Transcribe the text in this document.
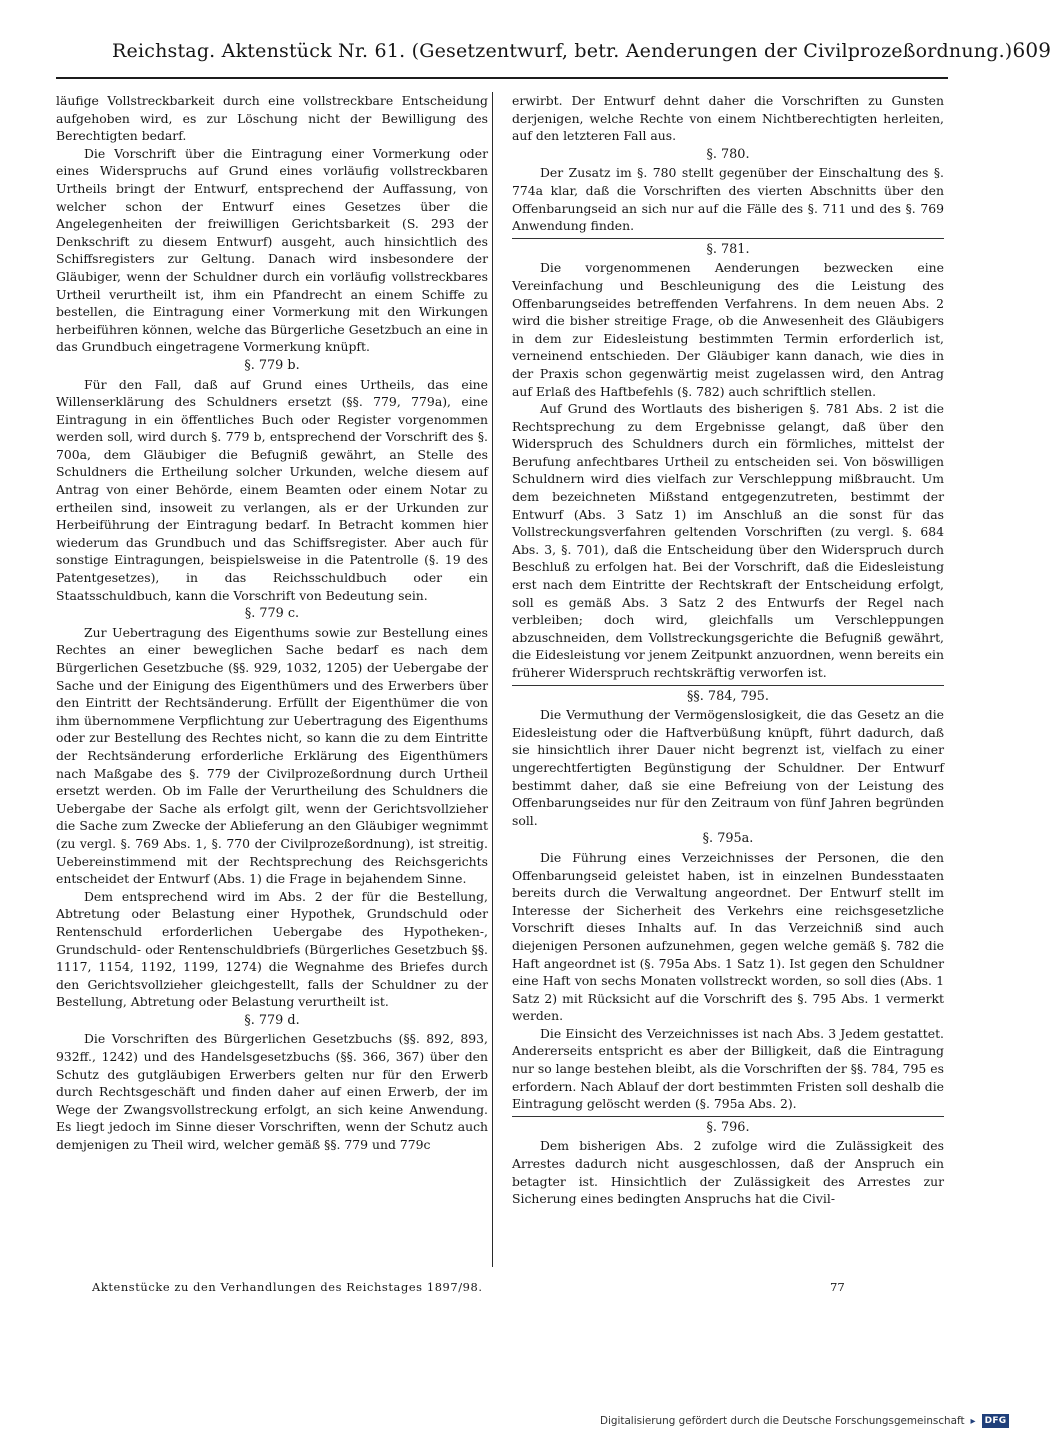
Reichstag. Aktenstück Nr. 61. (Gesetzentwurf, betr. Aenderungen der Civilprozeßordnung.) 609

läufige Vollstreckbarkeit durch eine vollstreckbare Entscheidung aufgehoben wird, es zur Löschung nicht der Bewilligung des Berechtigten bedarf.

Die Vorschrift über die Eintragung einer Vormerkung oder eines Widerspruchs auf Grund eines vorläufig vollstreckbaren Urtheils bringt der Entwurf, entsprechend der Auffassung, von welcher schon der Entwurf eines Gesetzes über die Angelegenheiten der freiwilligen Gerichtsbarkeit (S. 293 der Denkschrift zu diesem Entwurf) ausgeht, auch hinsichtlich des Schiffsregisters zur Geltung. Danach wird insbesondere der Gläubiger, wenn der Schuldner durch ein vorläufig vollstreckbares Urtheil verurtheilt ist, ihm ein Pfandrecht an einem Schiffe zu bestellen, die Eintragung einer Vormerkung mit den Wirkungen herbeiführen können, welche das Bürgerliche Gesetzbuch an eine in das Grundbuch eingetragene Vormerkung knüpft.

§. 779 b.

Für den Fall, daß auf Grund eines Urtheils, das eine Willenserklärung des Schuldners ersetzt (§§. 779, 779a), eine Eintragung in ein öffentliches Buch oder Register vorgenommen werden soll, wird durch §. 779 b, entsprechend der Vorschrift des §. 700a, dem Gläubiger die Befugniß gewährt, an Stelle des Schuldners die Ertheilung solcher Urkunden, welche diesem auf Antrag von einer Behörde, einem Beamten oder einem Notar zu ertheilen sind, insoweit zu verlangen, als er der Urkunden zur Herbeiführung der Eintragung bedarf. In Betracht kommen hier wiederum das Grundbuch und das Schiffsregister. Aber auch für sonstige Eintragungen, beispielsweise in die Patentrolle (§. 19 des Patentgesetzes), in das Reichsschuldbuch oder ein Staatsschuldbuch, kann die Vorschrift von Bedeutung sein.

§. 779 c.

Zur Uebertragung des Eigenthums sowie zur Bestellung eines Rechtes an einer beweglichen Sache bedarf es nach dem Bürgerlichen Gesetzbuche (§§. 929, 1032, 1205) der Uebergabe der Sache und der Einigung des Eigenthümers und des Erwerbers über den Eintritt der Rechtsänderung. Erfüllt der Eigenthümer die von ihm übernommene Verpflichtung zur Uebertragung des Eigenthums oder zur Bestellung des Rechtes nicht, so kann die zu dem Eintritte der Rechtsänderung erforderliche Erklärung des Eigenthümers nach Maßgabe des §. 779 der Civilprozeßordnung durch Urtheil ersetzt werden. Ob im Falle der Verurtheilung des Schuldners die Uebergabe der Sache als erfolgt gilt, wenn der Gerichtsvollzieher die Sache zum Zwecke der Ablieferung an den Gläubiger wegnimmt (zu vergl. §. 769 Abs. 1, §. 770 der Civilprozeßordnung), ist streitig. Uebereinstimmend mit der Rechtsprechung des Reichsgerichts entscheidet der Entwurf (Abs. 1) die Frage in bejahendem Sinne.

Dem entsprechend wird im Abs. 2 der für die Bestellung, Abtretung oder Belastung einer Hypothek, Grundschuld oder Rentenschuld erforderlichen Uebergabe des Hypotheken-, Grundschuld- oder Rentenschuldbriefs (Bürgerliches Gesetzbuch §§. 1117, 1154, 1192, 1199, 1274) die Wegnahme des Briefes durch den Gerichtsvollzieher gleichgestellt, falls der Schuldner zu der Bestellung, Abtretung oder Belastung verurtheilt ist.

§. 779 d.

Die Vorschriften des Bürgerlichen Gesetzbuchs (§§. 892, 893, 932ff., 1242) und des Handelsgesetzbuchs (§§. 366, 367) über den Schutz des gutgläubigen Erwerbers gelten nur für den Erwerb durch Rechtsgeschäft und finden daher auf einen Erwerb, der im Wege der Zwangsvollstreckung erfolgt, an sich keine Anwendung. Es liegt jedoch im Sinne dieser Vorschriften, wenn der Schutz auch demjenigen zu Theil wird, welcher gemäß §§. 779 und 779c

erwirbt. Der Entwurf dehnt daher die Vorschriften zu Gunsten derjenigen, welche Rechte von einem Nichtberechtigten herleiten, auf den letzteren Fall aus.

§. 780.

Der Zusatz im §. 780 stellt gegenüber der Einschaltung des §. 774a klar, daß die Vorschriften des vierten Abschnitts über den Offenbarungseid an sich nur auf die Fälle des §. 711 und des §. 769 Anwendung finden.

§. 781.

Die vorgenommenen Aenderungen bezwecken eine Vereinfachung und Beschleunigung des die Leistung des Offenbarungseides betreffenden Verfahrens. In dem neuen Abs. 2 wird die bisher streitige Frage, ob die Anwesenheit des Gläubigers in dem zur Eidesleistung bestimmten Termin erforderlich ist, verneinend entschieden. Der Gläubiger kann danach, wie dies in der Praxis schon gegenwärtig meist zugelassen wird, den Antrag auf Erlaß des Haftbefehls (§. 782) auch schriftlich stellen.

Auf Grund des Wortlauts des bisherigen §. 781 Abs. 2 ist die Rechtsprechung zu dem Ergebnisse gelangt, daß über den Widerspruch des Schuldners durch ein förmliches, mittelst der Berufung anfechtbares Urtheil zu entscheiden sei. Von böswilligen Schuldnern wird dies vielfach zur Verschleppung mißbraucht. Um dem bezeichneten Mißstand entgegenzutreten, bestimmt der Entwurf (Abs. 3 Satz 1) im Anschluß an die sonst für das Vollstreckungsverfahren geltenden Vorschriften (zu vergl. §. 684 Abs. 3, §. 701), daß die Entscheidung über den Widerspruch durch Beschluß zu erfolgen hat. Bei der Vorschrift, daß die Eidesleistung erst nach dem Eintritte der Rechtskraft der Entscheidung erfolgt, soll es gemäß Abs. 3 Satz 2 des Entwurfs der Regel nach verbleiben; doch wird, gleichfalls um Verschleppungen abzuschneiden, dem Vollstreckungsgerichte die Befugniß gewährt, die Eidesleistung vor jenem Zeitpunkt anzuordnen, wenn bereits ein früherer Widerspruch rechtskräftig verworfen ist.

§§. 784, 795.

Die Vermuthung der Vermögenslosigkeit, die das Gesetz an die Eidesleistung oder die Haftverbüßung knüpft, führt dadurch, daß sie hinsichtlich ihrer Dauer nicht begrenzt ist, vielfach zu einer ungerechtfertigten Begünstigung der Schuldner. Der Entwurf bestimmt daher, daß sie eine Befreiung von der Leistung des Offenbarungseides nur für den Zeitraum von fünf Jahren begründen soll.

§. 795a.

Die Führung eines Verzeichnisses der Personen, die den Offenbarungseid geleistet haben, ist in einzelnen Bundesstaaten bereits durch die Verwaltung angeordnet. Der Entwurf stellt im Interesse der Sicherheit des Verkehrs eine reichsgesetzliche Vorschrift dieses Inhalts auf. In das Verzeichniß sind auch diejenigen Personen aufzunehmen, gegen welche gemäß §. 782 die Haft angeordnet ist (§. 795a Abs. 1 Satz 1). Ist gegen den Schuldner eine Haft von sechs Monaten vollstreckt worden, so soll dies (Abs. 1 Satz 2) mit Rücksicht auf die Vorschrift des §. 795 Abs. 1 vermerkt werden.

Die Einsicht des Verzeichnisses ist nach Abs. 3 Jedem gestattet. Andererseits entspricht es aber der Billigkeit, daß die Eintragung nur so lange bestehen bleibt, als die Vorschriften der §§. 784, 795 es erfordern. Nach Ablauf der dort bestimmten Fristen soll deshalb die Eintragung gelöscht werden (§. 795a Abs. 2).

§. 796.

Dem bisherigen Abs. 2 zufolge wird die Zulässigkeit des Arrestes dadurch nicht ausgeschlossen, daß der Anspruch ein betagter ist. Hinsichtlich der Zulässigkeit des Arrestes zur Sicherung eines bedingten Anspruchs hat die Civil-

Aktenstücke zu den Verhandlungen des Reichstages 1897/98.	77
Digitalisierung gefördert durch die Deutsche Forschungsgemeinschaft ▸	DFG
